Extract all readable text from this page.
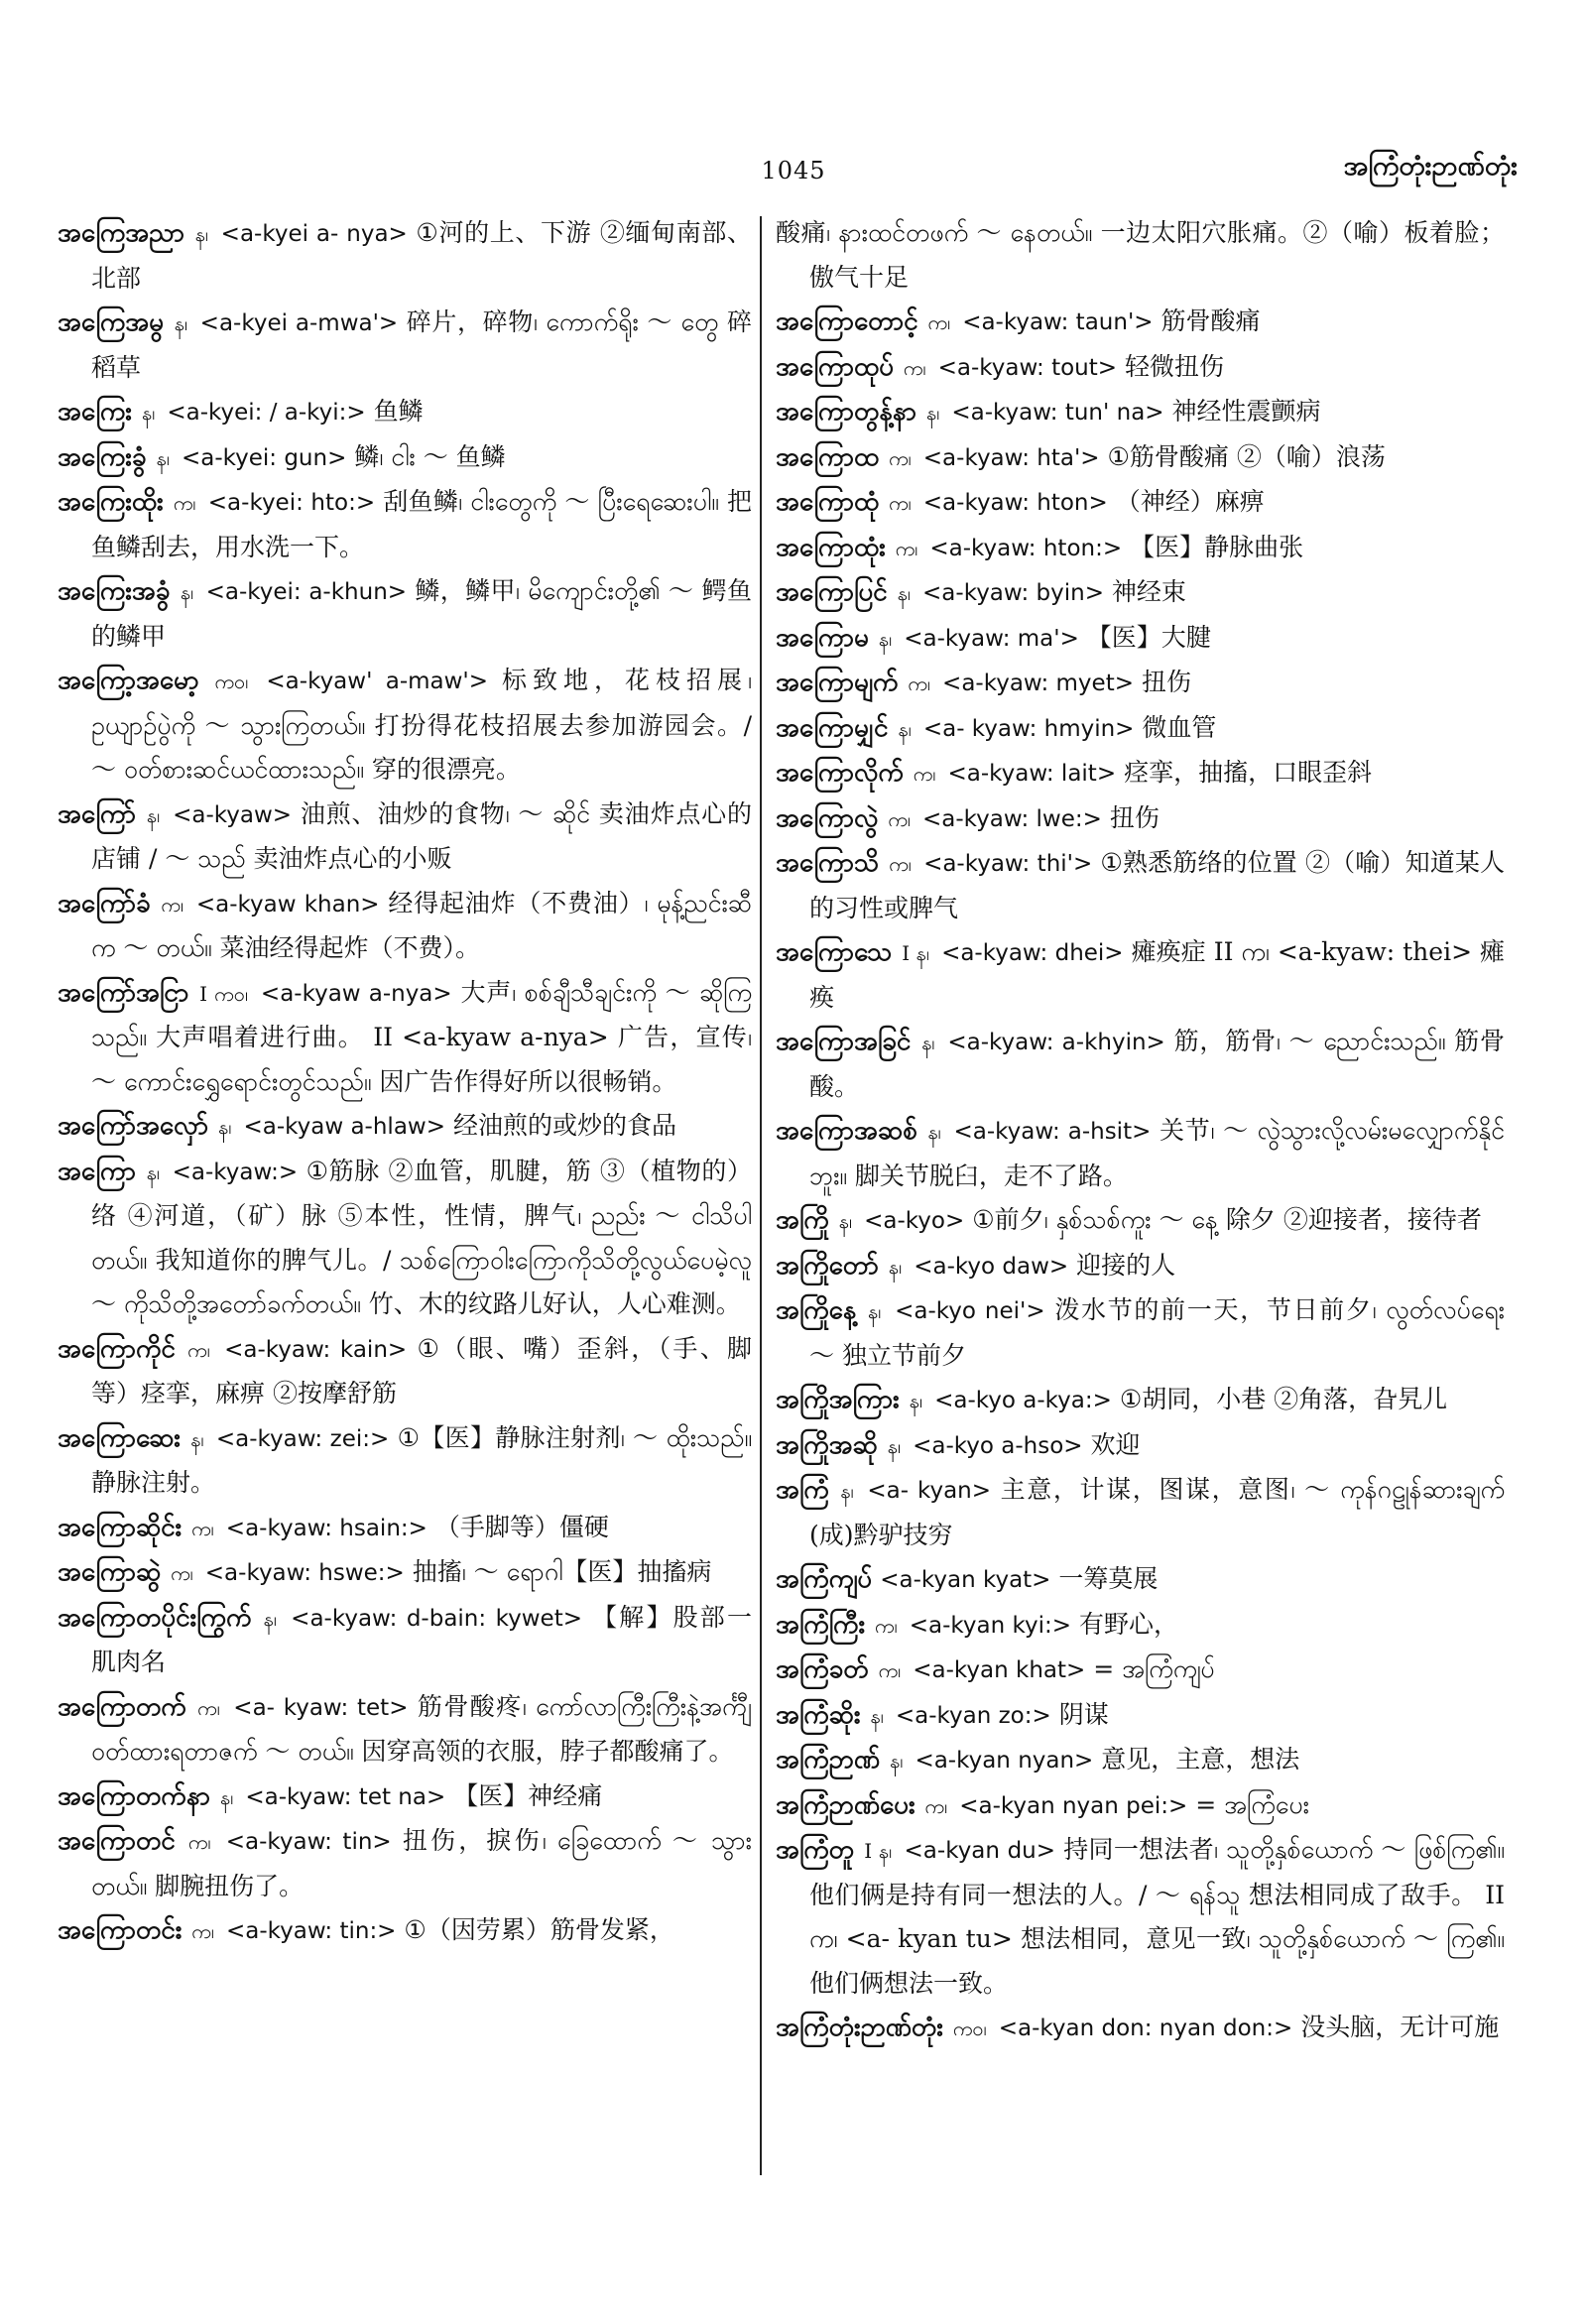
1045	အကြံတုံးဉာဏ်တုံး

အကြေအညာ န၊ <a-kyei a- nya> ①河的上、下游 ②缅甸南部、北部

အကြေအမွ န၊ <a-kyei a-mwa'> 碎片，碎物၊ ကောက်ရိုး ～ တွေ 碎稻草

အကြေး န၊ <a-kyei: / a-kyi:> 鱼鳞

အကြေးခွံ န၊ <a-kyei: gun> 鳞၊ ငါး ～ 鱼鳞

အကြေးထိုး က၊ <a-kyei: hto:> 刮鱼鳞၊ ငါးတွေကို ～ ပြီးရေဆေးပါ။ 把鱼鳞刮去，用水洗一下。

အကြေးအခွံ န၊ <a-kyei: a-khun> 鳞，鳞甲၊ မိကျောင်းတို့၏ ～ 鳄鱼的鳞甲

အကြော့အမော့ ကဝ၊ <a-kyaw' a-maw'> 标致地，花枝招展၊ ဥယျာဉ်ပွဲကို ～ သွားကြတယ်။ 打扮得花枝招展去参加游园会。/ ～ ဝတ်စားဆင်ယင်ထားသည်။ 穿的很漂亮。

အကြော် န၊ <a-kyaw> 油煎、油炒的食物၊ ～ ဆိုင် 卖油炸点心的店铺 / ～ သည် 卖油炸点心的小贩

အကြော်ခံ က၊ <a-kyaw khan> 经得起油炸（不费油）၊ မုန့်ညင်းဆီက ～ တယ်။ 菜油经得起炸（不费）。

အကြော်အငြာ I ကဝ၊ <a-kyaw a-nya> 大声၊ စစ်ချီသီချင်းကို ～ ဆိုကြသည်။ 大声唱着进行曲。 II <a-kyaw a-nya> 广告，宣传၊ ～ ကောင်းရွှေရောင်းတွင်သည်။ 因广告作得好所以很畅销。

အကြော်အလှော် န၊ <a-kyaw a-hlaw> 经油煎的或炒的食品

အကြော န၊ <a-kyaw:> ①筋脉 ②血管，肌腱，筋 ③（植物的）络 ④河道，（矿）脉 ⑤本性，性情，脾气၊ ညည်း ～ ငါသိပါတယ်။ 我知道你的脾气儿。/ သစ်ကြောဝါးကြောကိုသိတို့လွယ်ပေမဲ့လူ ～ ကိုသိတို့အတော်ခက်တယ်။ 竹、木的纹路儿好认，人心难测。

အကြောကိုင် က၊ <a-kyaw: kain> ①（眼、嘴）歪斜，（手、脚等）痉挛，麻痹 ②按摩舒筋

အကြောဆေး န၊ <a-kyaw: zei:> ①【医】静脉注射剂၊ ～ ထိုးသည်။ 静脉注射。

အကြောဆိုင်း က၊ <a-kyaw: hsain:> （手脚等）僵硬

အကြောဆွဲ က၊ <a-kyaw: hswe:> 抽搐၊ ～ ရောဂါ【医】抽搐病

အကြောတပိုင်းကြွက် န၊ <a-kyaw: d-bain: kywet> 【解】股部一肌肉名

အကြောတက် က၊ <a- kyaw: tet> 筋骨酸疼၊ ကော်လာကြီးကြီးနဲ့အင်္ကျီဝတ်ထားရတာဇက် ～ တယ်။ 因穿高领的衣服，脖子都酸痛了。

အကြောတက်နာ န၊ <a-kyaw: tet na> 【医】神经痛

အကြောတင် က၊ <a-kyaw: tin> 扭伤，捩伤၊ ခြေထောက် ～ သွားတယ်။ 脚腕扭伤了。

အကြောတင်း က၊ <a-kyaw: tin:> ①（因劳累）筋骨发紧，

酸痛၊ နားထင်တဖက် ～ နေတယ်။ 一边太阳穴胀痛。②（喻）板着脸；傲气十足

အကြောတောင့် က၊ <a-kyaw: taun'> 筋骨酸痛

အကြောထုပ် က၊ <a-kyaw: tout> 轻微扭伤

အကြောတွန့်နာ န၊ <a-kyaw: tun' na> 神经性震颤病

အကြောထ က၊ <a-kyaw: hta'> ①筋骨酸痛 ②（喻）浪荡

အကြောထုံ က၊ <a-kyaw: hton> （神经）麻痹

အကြောထုံး က၊ <a-kyaw: hton:> 【医】静脉曲张

အကြောပြင် န၊ <a-kyaw: byin> 神经束

အကြောမ န၊ <a-kyaw: ma'> 【医】大腱

အကြောမျက် က၊ <a-kyaw: myet> 扭伤

အကြောမျှင် န၊ <a- kyaw: hmyin> 微血管

အကြောလိုက် က၊ <a-kyaw: lait> 痉挛，抽搐，口眼歪斜

အကြောလွဲ က၊ <a-kyaw: lwe:> 扭伤

အကြောသိ က၊ <a-kyaw: thi'> ①熟悉筋络的位置 ②（喻）知道某人的习性或脾气

အကြောသေ I န၊ <a-kyaw: dhei> 瘫痪症 II က၊ <a-kyaw: thei> 瘫痪

အကြောအခြင် န၊ <a-kyaw: a-khyin> 筋，筋骨၊ ～ ညောင်းသည်။ 筋骨酸。

အကြောအဆစ် န၊ <a-kyaw: a-hsit> 关节၊ ～ လွဲသွားလို့လမ်းမလျှောက်နိုင်ဘူး။ 脚关节脱臼，走不了路。

အကြို န၊ <a-kyo> ①前夕၊ နှစ်သစ်ကူး ～ နေ့ 除夕 ②迎接者，接待者

အကြိုတော် န၊ <a-kyo daw> 迎接的人

အကြိုနေ့ န၊ <a-kyo nei'> 泼水节的前一天，节日前夕၊ လွတ်လပ်ရေး ～ 独立节前夕

အကြိုအကြား န၊ <a-kyo a-kya:> ①胡同，小巷 ②角落，旮旯儿

အကြိုအဆို န၊ <a-kyo a-hso> 欢迎

အကြံ န၊ <a- kyan> 主意，计谋，图谋，意图၊ ～ ကုန်ဂဠုန်ဆားချက် (成)黔驴技穷

အကြံကျပ် <a-kyan kyat> 一筹莫展

အကြံကြီး က၊ <a-kyan kyi:> 有野心，

အကြံခတ် က၊ <a-kyan khat> = အကြံကျပ်

အကြံဆိုး န၊ <a-kyan zo:> 阴谋

အကြံဉာဏ် န၊ <a-kyan nyan> 意见，主意，想法

အကြံဉာဏ်ပေး က၊ <a-kyan nyan pei:> = အကြံပေး

အကြံတူ I န၊ <a-kyan du> 持同一想法者၊ သူတို့နှစ်ယောက် ～ ဖြစ်ကြ၏။ 他们俩是持有同一想法的人。/ ～ ရန်သူ 想法相同成了敌手。 II က၊ <a- kyan tu> 想法相同，意见一致၊ သူတို့နှစ်ယောက် ～ ကြ၏။ 他们俩想法一致。

အကြံတုံးဉာဏ်တုံး ကဝ၊ <a-kyan don: nyan don:> 没头脑，无计可施
